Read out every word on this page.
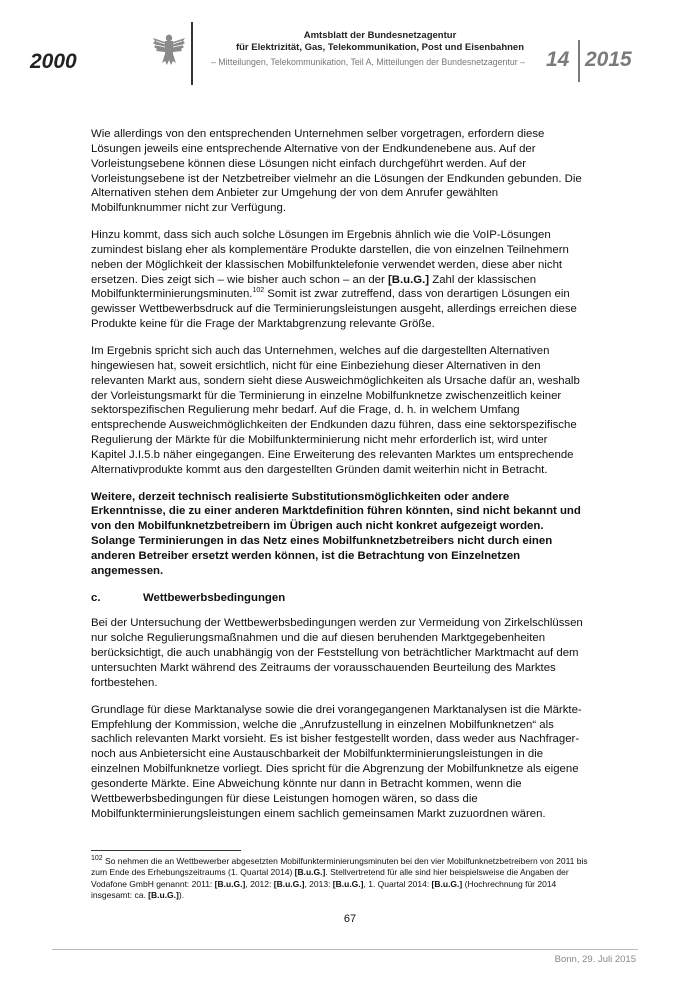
2000
Amtsblatt der Bundesnetzagentur
für Elektrizität, Gas, Telekommunikation, Post und Eisenbahnen
– Mitteilungen, Telekommunikation, Teil A, Mitteilungen der Bundesnetzagentur – 14 2015

Wie allerdings von den entsprechenden Unternehmen selber vorgetragen, erfordern diese Lösungen jeweils eine entsprechende Alternative von der Endkundenebene aus. Auf der Vorleistungsebene können diese Lösungen nicht einfach durchgeführt werden. Auf der Vorleistungsebene ist der Netzbetreiber vielmehr an die Lösungen der Endkunden gebunden. Die Alternativen stehen dem Anbieter zur Umgehung der von dem Anrufer gewählten Mobilfunknummer nicht zur Verfügung.

Hinzu kommt, dass sich auch solche Lösungen im Ergebnis ähnlich wie die VoIP-Lösungen zumindest bislang eher als komplementäre Produkte darstellen, die von einzelnen Teilnehmern neben der Möglichkeit der klassischen Mobilfunktelefonie verwendet werden, diese aber nicht ersetzen. Dies zeigt sich – wie bisher auch schon – an der [B.u.G.] Zahl der klassischen Mobilfunkterminierungsminuten.$^{102}$ Somit ist zwar zutreffend, dass von derartigen Lösungen ein gewisser Wettbewerbsdruck auf die Terminierungsleistungen ausgeht, allerdings erreichen diese Produkte keine für die Frage der Marktabgrenzung relevante Größe.

Im Ergebnis spricht sich auch das Unternehmen, welches auf die dargestellten Alternativen hingewiesen hat, soweit ersichtlich, nicht für eine Einbeziehung dieser Alternativen in den relevanten Markt aus, sondern sieht diese Ausweichmöglichkeiten als Ursache dafür an, weshalb der Vorleistungsmarkt für die Terminierung in einzelne Mobilfunknetze zwischenzeitlich keiner sektorspezifischen Regulierung mehr bedarf. Auf die Frage, d. h. in welchem Umfang entsprechende Ausweichmöglichkeiten der Endkunden dazu führen, dass eine sektorspezifische Regulierung der Märkte für die Mobilfunkterminierung nicht mehr erforderlich ist, wird unter Kapitel J.I.5.b näher eingegangen. Eine Erweiterung des relevanten Marktes um entsprechende Alternativprodukte kommt aus den dargestellten Gründen damit weiterhin nicht in Betracht.

Weitere, derzeit technisch realisierte Substitutionsmöglichkeiten oder andere Erkenntnisse, die zu einer anderen Marktdefinition führen könnten, sind nicht bekannt und von den Mobilfunknetzbetreibern im Übrigen auch nicht konkret aufgezeigt worden. Solange Terminierungen in das Netz eines Mobilfunknetzbetreibers nicht durch einen anderen Betreiber ersetzt werden können, ist die Betrachtung von Einzelnetzen angemessen.

c.	Wettbewerbsbedingungen

Bei der Untersuchung der Wettbewerbsbedingungen werden zur Vermeidung von Zirkelschlüssen nur solche Regulierungsmaßnahmen und die auf diesen beruhenden Marktgegebenheiten berücksichtigt, die auch unabhängig von der Feststellung von beträchtlicher Marktmacht auf dem untersuchten Markt während des Zeitraums der vorausschauenden Beurteilung des Marktes fortbestehen.

Grundlage für diese Marktanalyse sowie die drei vorangegangenen Marktanalysen ist die Märkte-Empfehlung der Kommission, welche die „Anrufzustellung in einzelnen Mobilfunknetzen“ als sachlich relevanten Markt vorsieht. Es ist bisher festgestellt worden, dass weder aus Nachfrager- noch aus Anbietersicht eine Austauschbarkeit der Mobilfunkterminierungsleistungen in die einzelnen Mobilfunknetze vorliegt. Dies spricht für die Abgrenzung der Mobilfunknetze als eigene gesonderte Märkte. Eine Abweichung könnte nur dann in Betracht kommen, wenn die Wettbewerbsbedingungen für diese Leistungen homogen wären, so dass die Mobilfunkterminierungsleistungen einem sachlich gemeinsamen Markt zuzuordnen wären.

$^{102}$ So nehmen die an Wettbewerber abgesetzten Mobilfunkterminierungsminuten bei den vier Mobilfunknetzbetreibern von 2011 bis zum Ende des Erhebungszeitraums (1. Quartal 2014) [B.u.G.]. Stellvertretend für alle sind hier beispielsweise die Angaben der Vodafone GmbH genannt: 2011: [B.u.G.], 2012: [B.u.G.], 2013: [B.u.G.], 1. Quartal 2014: [B.u.G.] (Hochrechnung für 2014 insgesamt: ca. [B.u.G.]).
67
Bonn, 29. Juli 2015
